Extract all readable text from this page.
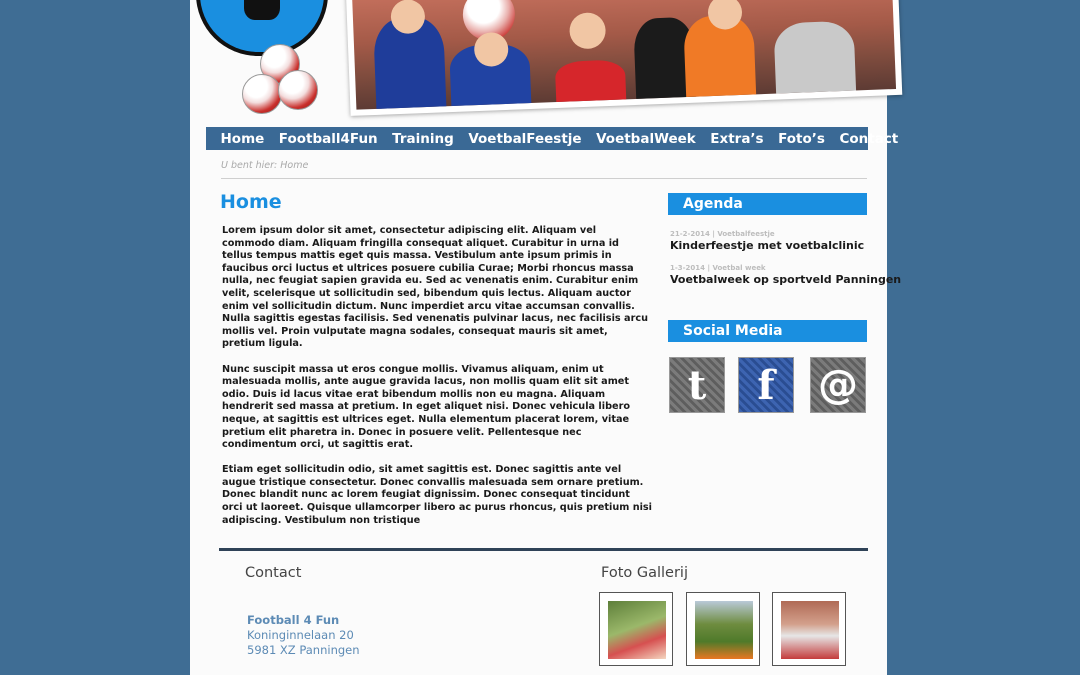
Home Football4Fun Training VoetbalFeestje VoetbalWeek Extra’s Foto’s Contact
U bent hier: Home
Home

Lorem ipsum dolor sit amet, consectetur adipiscing elit. Aliquam vel commodo diam. Aliquam fringilla consequat aliquet. Curabitur in urna id tellus tempus mattis eget quis massa. Vestibulum ante ipsum primis in faucibus orci luctus et ultrices posuere cubilia Curae; Morbi rhoncus massa nulla, nec feugiat sapien gravida eu. Sed ac venenatis enim. Curabitur enim velit, scelerisque ut sollicitudin sed, bibendum quis lectus. Aliquam auctor enim vel sollicitudin dictum. Nunc imperdiet arcu vitae accumsan convallis. Nulla sagittis egestas facilisis. Sed venenatis pulvinar lacus, nec facilisis arcu mollis vel. Proin vulputate magna sodales, consequat mauris sit amet, pretium ligula.

Nunc suscipit massa ut eros congue mollis. Vivamus aliquam, enim ut malesuada mollis, ante augue gravida lacus, non mollis quam elit sit amet odio. Duis id lacus vitae erat bibendum mollis non eu magna. Aliquam hendrerit sed massa at pretium. In eget aliquet nisi. Donec vehicula libero neque, at sagittis est ultrices eget. Nulla elementum placerat lorem, vitae pretium elit pharetra in. Donec in posuere velit. Pellentesque nec condimentum orci, ut sagittis erat.

Etiam eget sollicitudin odio, sit amet sagittis est. Donec sagittis ante vel augue tristique consectetur. Donec convallis malesuada sem ornare pretium. Donec blandit nunc ac lorem feugiat dignissim. Donec consequat tincidunt orci ut laoreet. Quisque ullamcorper libero ac purus rhoncus, quis pretium nisi adipiscing. Vestibulum non tristique

Agenda
21-2-2014 | Voetbalfeestje
Kinderfeestje met voetbalclinic
1-3-2014 | Voetbal week
Voetbalweek op sportveld Panningen
Social Media
t f @
Contact
Football 4 Fun
Koninginnelaan 20
5981 XZ Panningen
Foto Gallerij
